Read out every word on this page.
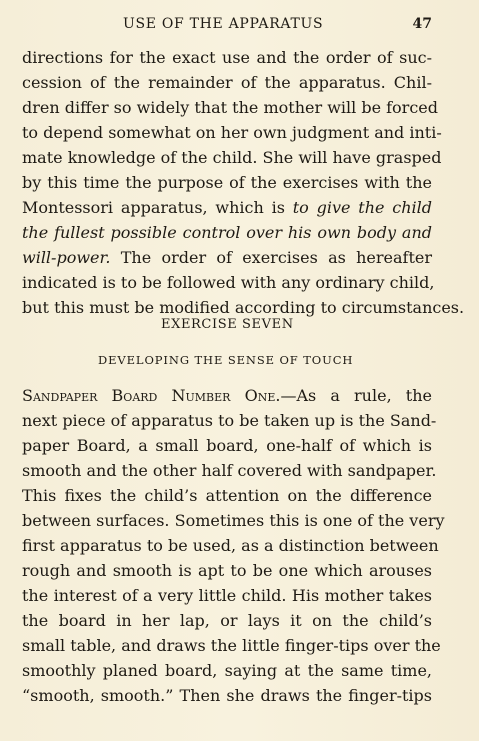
USE OF THE APPARATUS	47
directions for the exact use and the order of suc-
cession of the remainder of the apparatus. Chil-
dren differ so widely that the mother will be forced
to depend somewhat on her own judgment and inti-
mate knowledge of the child. She will have grasped
by this time the purpose of the exercises with the
Montessori apparatus, which is to give the child
the fullest possible control over his own body and
will-power. The order of exercises as hereafter
indicated is to be followed with any ordinary child,
but this must be modified according to circumstances.
EXERCISE SEVEN
DEVELOPING THE SENSE OF TOUCH
Sandpaper Board Number One.—As a rule, the
next piece of apparatus to be taken up is the Sand-
paper Board, a small board, one-half of which is
smooth and the other half covered with sandpaper.
This fixes the child’s attention on the difference
between surfaces. Sometimes this is one of the very
first apparatus to be used, as a distinction between
rough and smooth is apt to be one which arouses
the interest of a very little child. His mother takes
the board in her lap, or lays it on the child’s
small table, and draws the little finger-tips over the
smoothly planed board, saying at the same time,
“smooth, smooth.” Then she draws the finger-tips
